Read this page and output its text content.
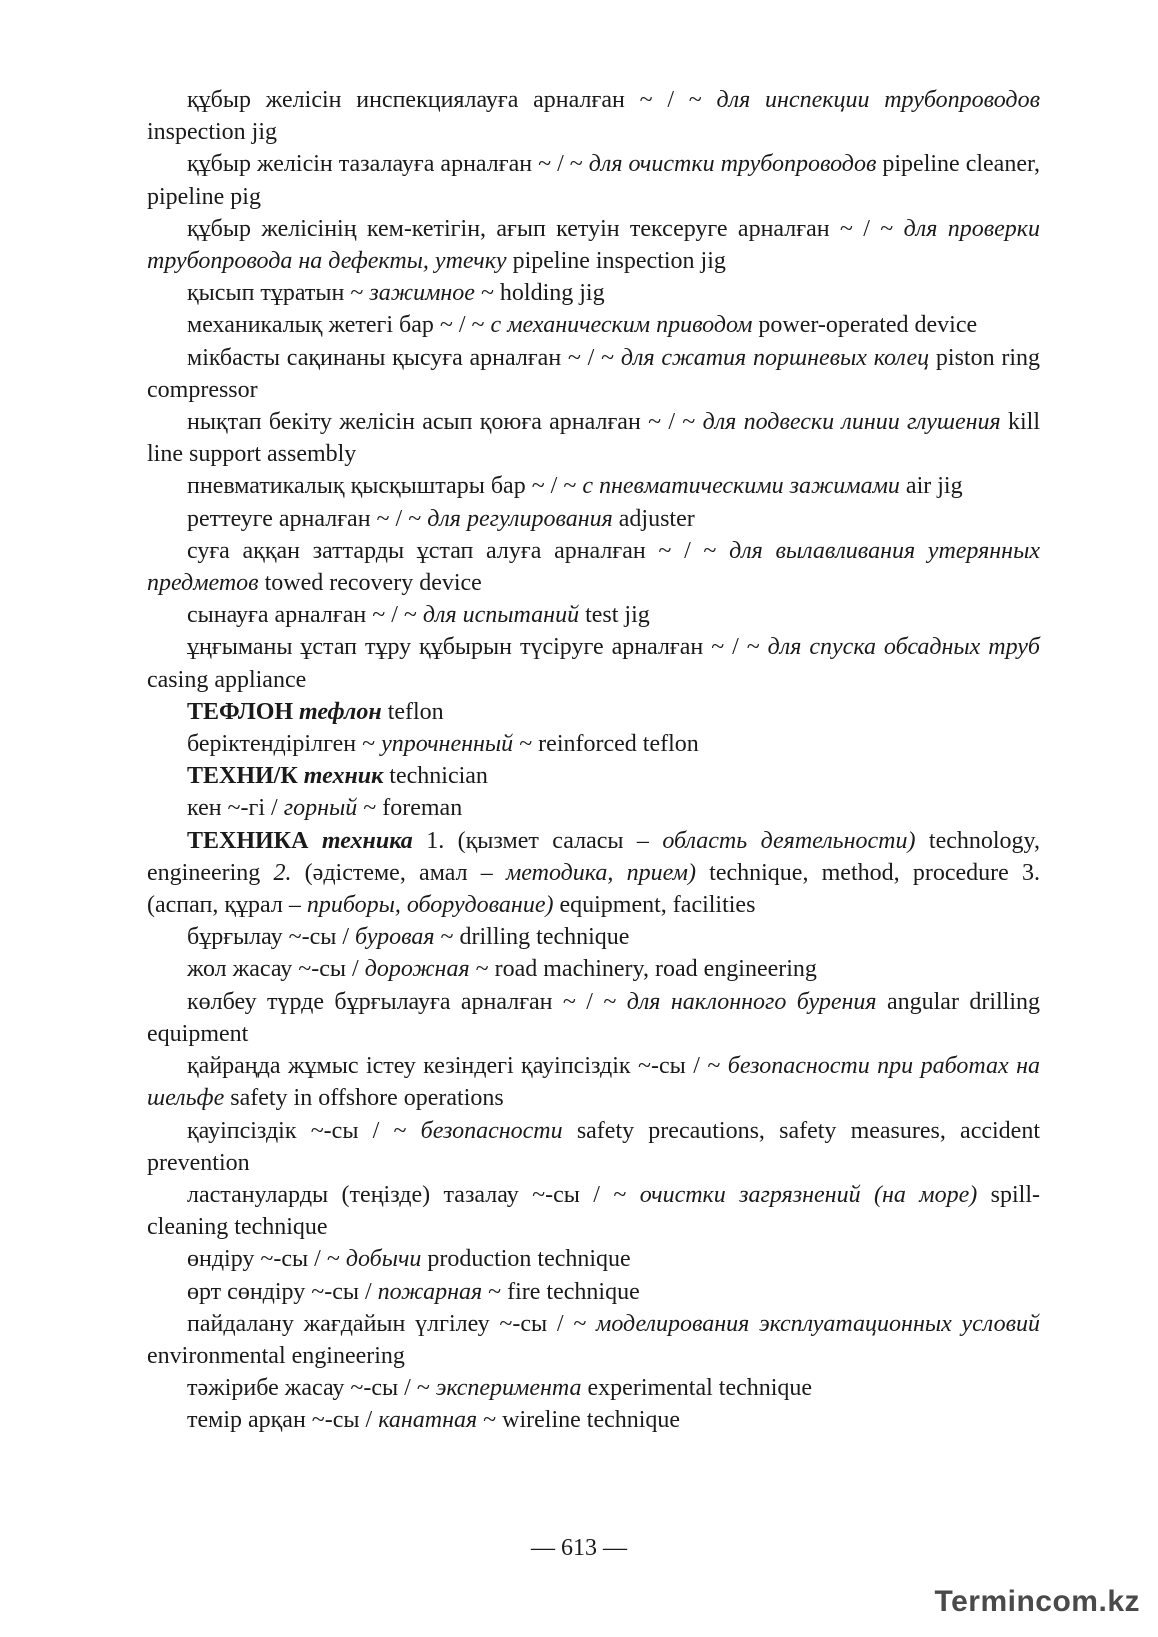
құбыр желісін инспекциялауға арналған ~ / ~ для инспекции трубопроводов inspection jig

құбыр желісін тазалауға арналған ~ / ~ для очистки трубопроводов pipeline cleaner, pipeline pig

құбыр желісінің кем-кетігін, ағып кетуін тексеруге арналған ~ / ~ для проверки трубопровода на дефекты, утечку pipeline inspection jig

қысып тұратын ~ зажимное ~ holding jig

механикалық жетегі бар ~ / ~ с механическим приводом power-operated device

мікбасты сақинаны қысуға арналған ~ / ~ для сжатия поршневых колец piston ring compressor

нықтап бекіту желісін асып қоюға арналған ~ / ~ для подвески линии глушения kill line support assembly

пневматикалық қысқыштары бар ~ / ~ с пневматическими зажимами air jig

реттеуге арналған ~ / ~ для регулирования adjuster

суға аққан заттарды ұстап алуға арналған ~ / ~ для вылавливания утерянных предметов towed recovery device

сынауға арналған ~ / ~ для испытаний test jig

ұңғыманы ұстап тұру құбырын түсіруге арналған ~ / ~ для спуска обсадных труб casing appliance

ТЕФЛОН тефлон teflon

беріктендірілген ~ упрочненный ~ reinforced teflon

ТЕХНИ/К техник technician

кен ~-гі / горный ~ foreman

ТЕХНИКА техника 1. (қызмет саласы – область деятельности) technology, engineering 2. (әдістеме, амал – методика, прием) technique, method, procedure 3. (аспап, құрал – приборы, оборудование) equipment, facilities

бұрғылау ~-сы / буровая ~ drilling technique

жол жасау ~-сы / дорожная ~ road machinery, road engineering

көлбеу түрде бұрғылауға арналған ~ / ~ для наклонного бурения angular drilling equipment

қайраңда жұмыс істеу кезіндегі қауіпсіздік ~-сы / ~ безопасности при работах на шельфе safety in offshore operations

қауіпсіздік ~-сы / ~ безопасности safety precautions, safety measures, accident prevention

ластануларды (теңізде) тазалау ~-сы / ~ очистки загрязнений (на море) spill-cleaning technique

өндіру ~-сы / ~ добычи production technique

өрт сөндіру ~-сы / пожарная ~ fire technique

пайдалану жағдайын үлгілеу ~-сы / ~ моделирования эксплуатационных условий environmental engineering

тәжірибе жасау ~-сы / ~ эксперимента experimental technique

темір арқан ~-сы / канатная ~ wireline technique

— 613 —
Termincom.kz
